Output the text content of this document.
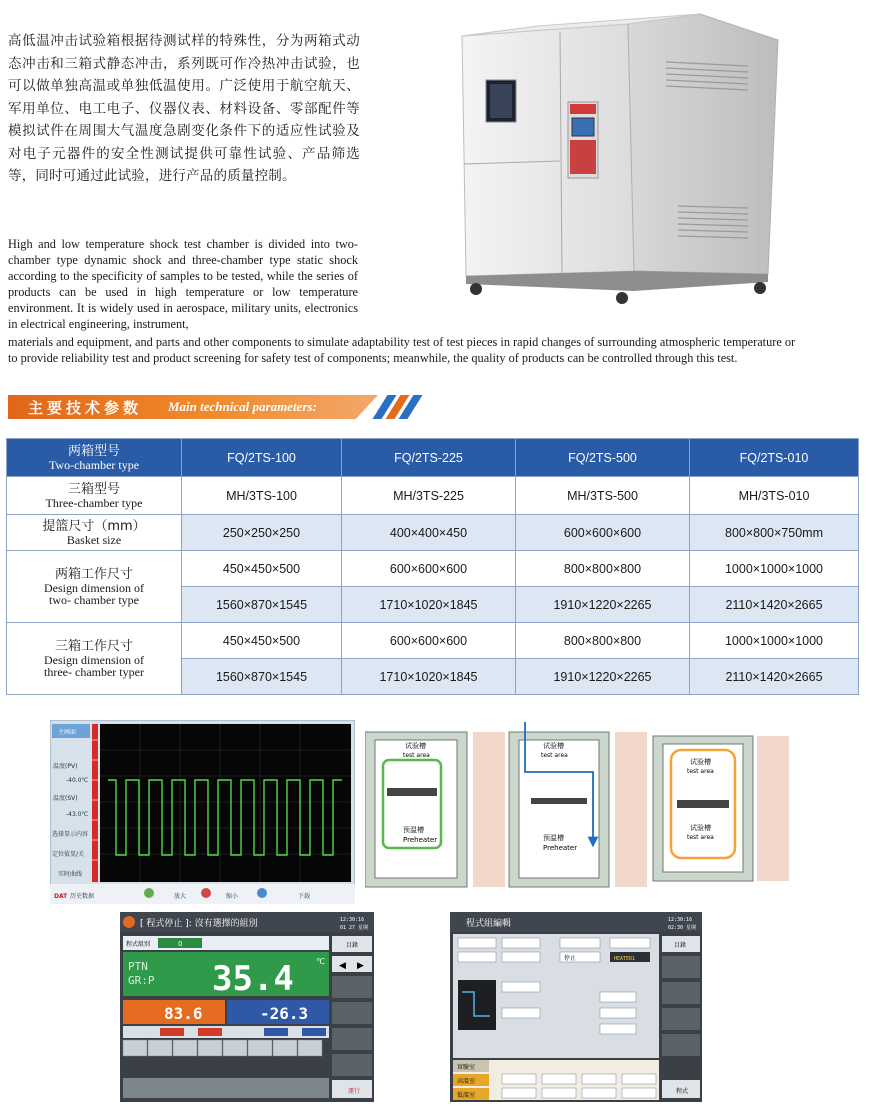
高低温冲击试验箱根据待测试样的特殊性，分为两箱式动态冲击和三箱式静态冲击，系列既可作冷热冲击试验，也可以做单独高温或单独低温使用。广泛使用于航空航天、军用单位、电工电子、仪器仪表、材料设备、零部配件等模拟试件在周围大气温度急剧变化条件下的适应性试验及对电子元器件的安全性测试提供可靠性试验、产品筛选等，同时可通过此试验，进行产品的质量控制。
High and low temperature shock test chamber is divided into two-chamber type dynamic shock and three-chamber type static shock according to the specificity of samples to be tested, while the series of products can be used in high temperature or low temperature environment. It is widely used in aerospace, military units, electronics in electrical engineering, instrument,
materials and equipment, and parts and other components to simulate adaptability test of test pieces in rapid changes of surrounding atmospheric temperature or
to provide reliability test and product screening for safety test of components; meanwhile, the quality of products can be controlled through this test.
主要技术参数 Main technical parameters:
两箱型号
Two-chamber type	FQ/2TS-100	FQ/2TS-225	FQ/2TS-500	FQ/2TS-010

三箱型号
Three-chamber type	MH/3TS-100	MH/3TS-225	MH/3TS-500	MH/3TS-010

提篮尺寸（mm）
Basket size	250×250×250	400×400×450	600×600×600	800×800×750mm

两箱工作尺寸
Design dimension of
two- chamber type	450×450×500	600×600×600	800×800×800	1000×1000×1000
	1560×870×1545	1710×1020×1845	1910×1220×2265	2110×1420×2665

三箱工作尺寸
Design dimension of
three- chamber typer	450×450×500	600×600×600	800×800×800	1000×1000×1000
	1560×870×1545	1710×1020×1845	1910×1220×2265	2110×1420×2665
主画面
温度(PV)
-40.0℃
温度(SV)
-43.0℃
选择显示内容
定位值显/关
实时曲线
DAT 历史数据	放大	缩小	下载
试验槽
test area
预温槽
Preheater
试验槽
test area
预温槽
Preheater
试验槽
test area
试验槽
test area
[ 程式停止 ]: 沒有選擇的組別	12:30:16
01 27 星期
程式組別	0
PTN
GR:P 35.4	℃
83.6	-26.3
目錄
◀ ▶
運行
程式組編輯	12:30:16
02:30 星期
停止	HEATER1
實驗室
高溫室
低溫室
目錄
程式
